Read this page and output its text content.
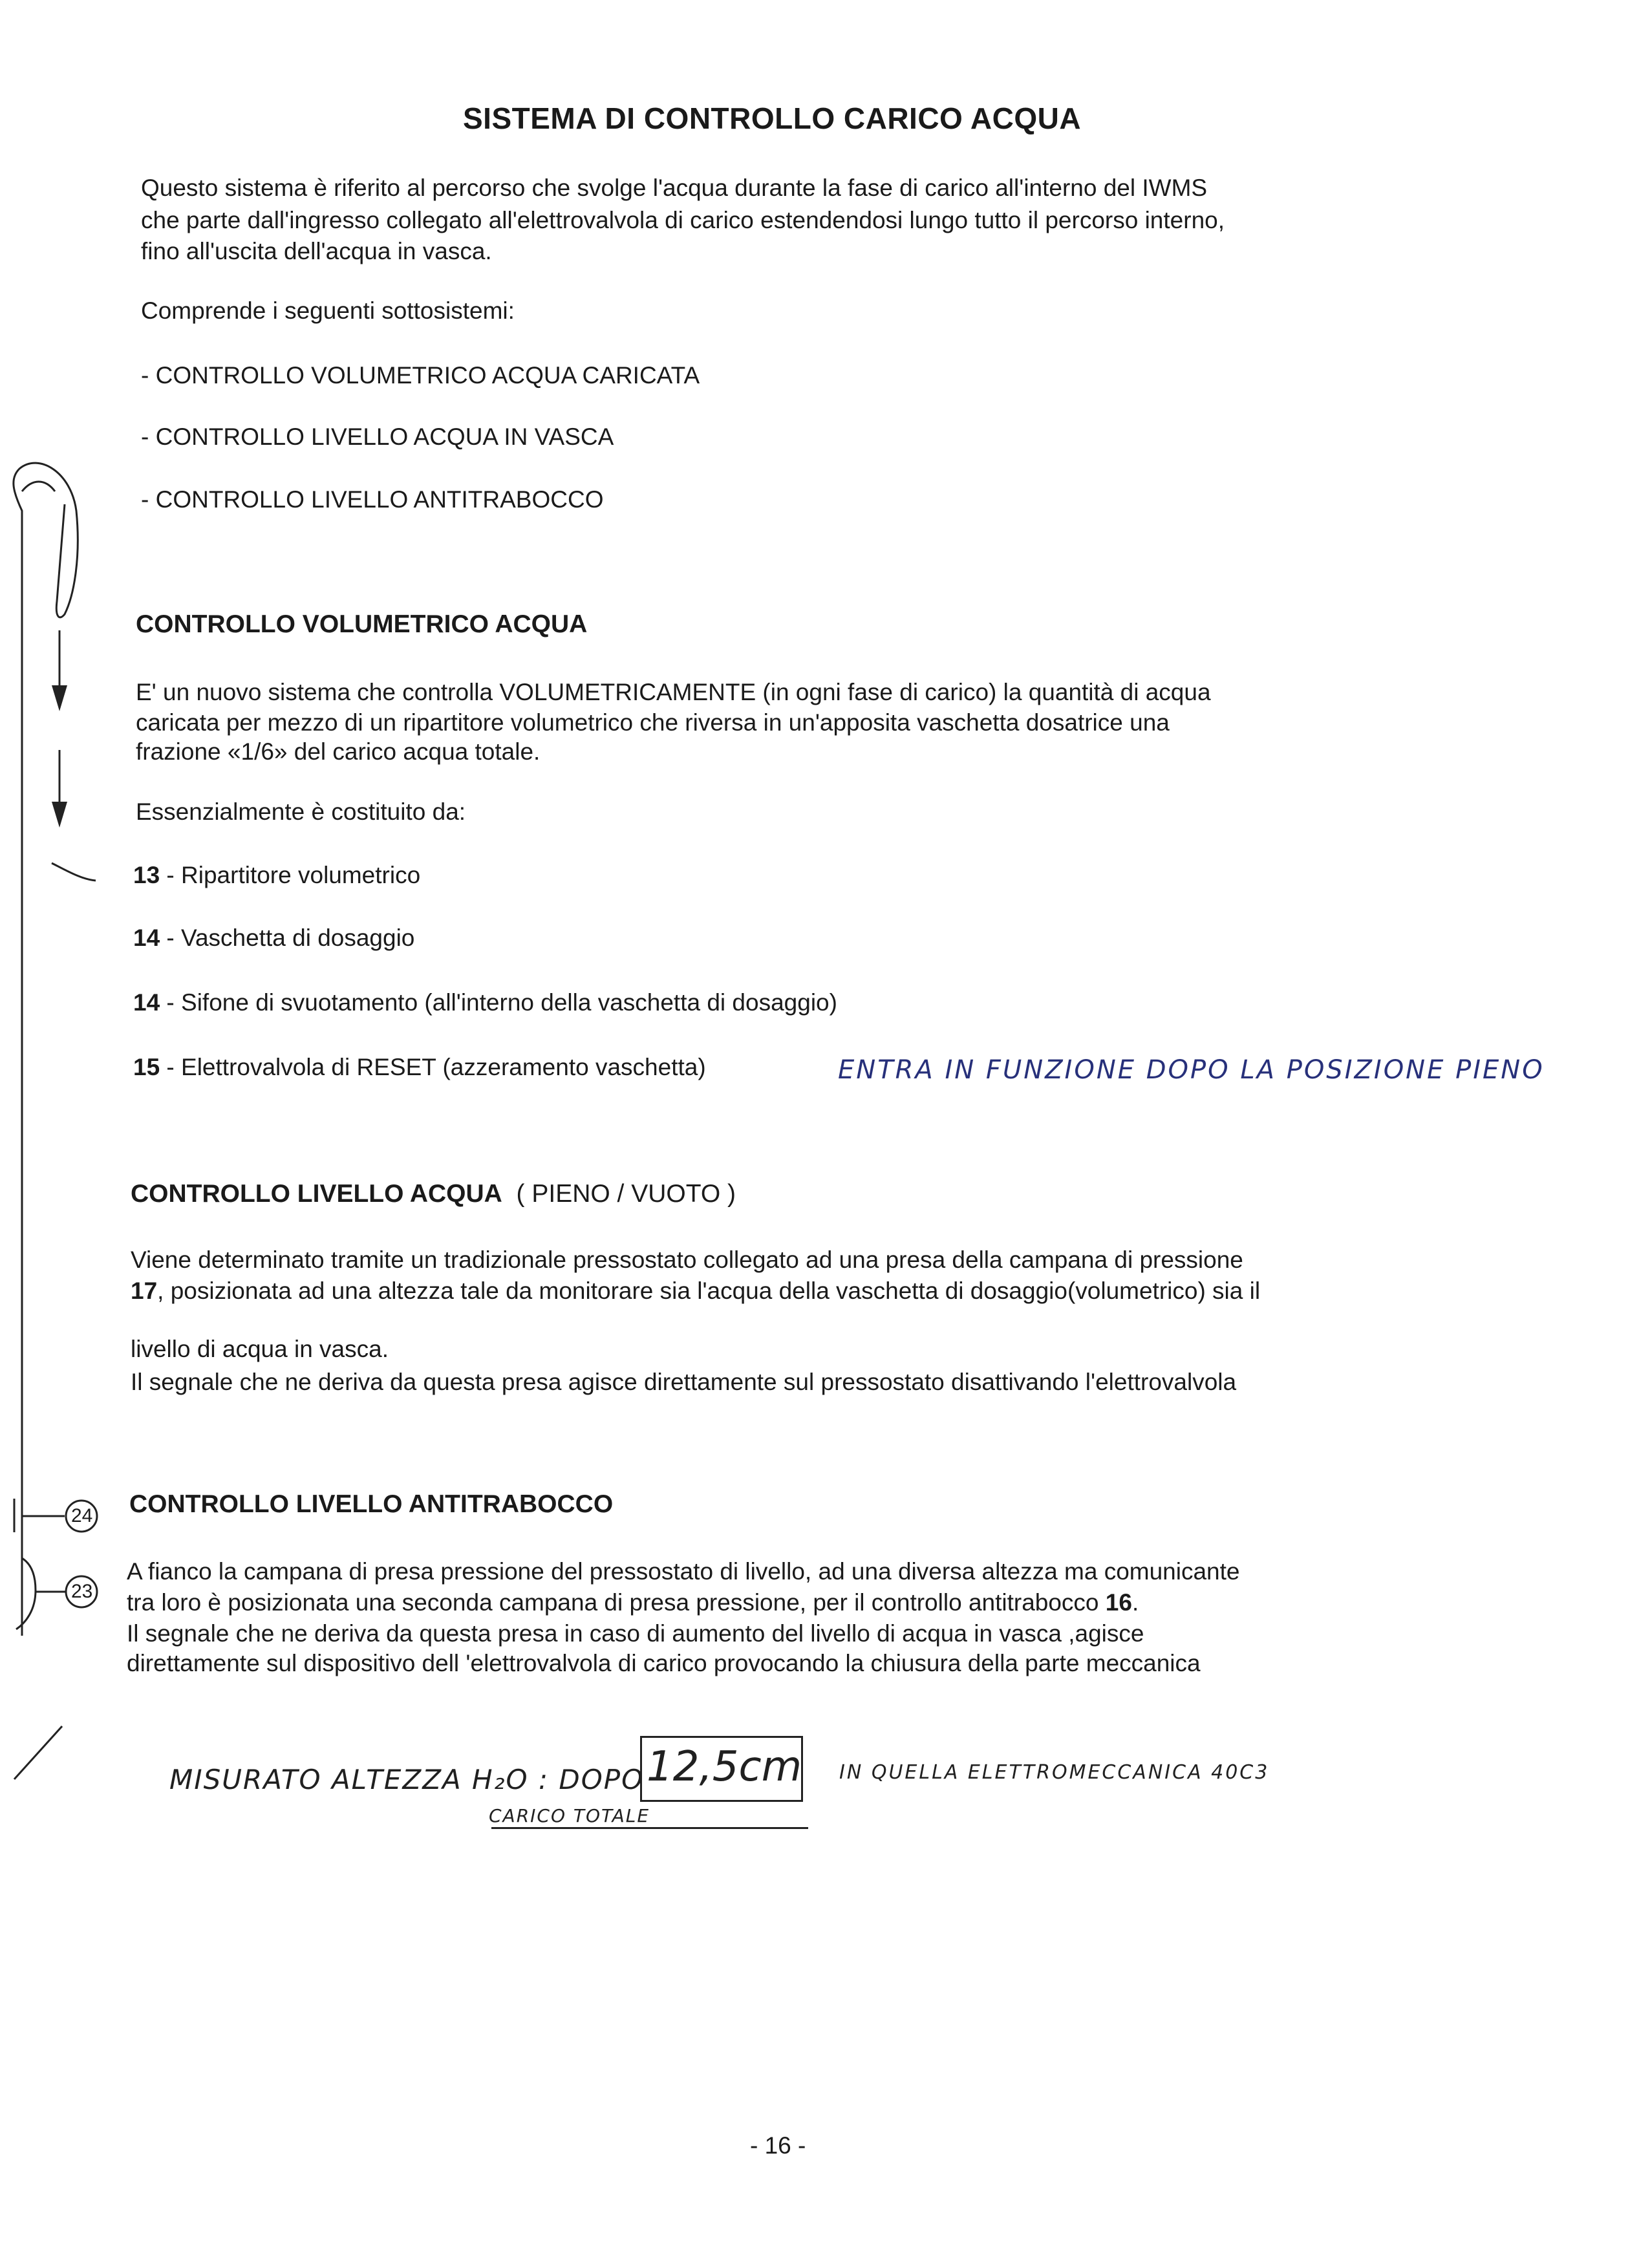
24
23
SISTEMA DI CONTROLLO CARICO ACQUA
Questo sistema è riferito al percorso che svolge l'acqua durante la fase di carico all'interno del IWMS
che parte dall'ingresso collegato all'elettrovalvola di carico estendendosi lungo tutto il percorso interno,
fino all'uscita dell'acqua in vasca.
Comprende i seguenti sottosistemi:
- CONTROLLO VOLUMETRICO ACQUA CARICATA
- CONTROLLO LIVELLO ACQUA IN VASCA
- CONTROLLO LIVELLO ANTITRABOCCO
CONTROLLO VOLUMETRICO ACQUA
E' un nuovo sistema che controlla VOLUMETRICAMENTE (in ogni fase di carico) la quantità di acqua
caricata per mezzo di un ripartitore volumetrico che riversa in un'apposita vaschetta dosatrice una
frazione «1/6» del carico acqua totale.
Essenzialmente è costituito da:
13 - Ripartitore volumetrico
14 - Vaschetta di dosaggio
14 - Sifone di svuotamento (all'interno della vaschetta di dosaggio)
15 - Elettrovalvola di RESET (azzeramento vaschetta)	ENTRA IN FUNZIONE DOPO LA POSIZIONE PIENO
CONTROLLO LIVELLO ACQUA ( PIENO / VUOTO )
Viene determinato tramite un tradizionale pressostato collegato ad una presa della campana di pressione
17, posizionata ad una altezza tale da monitorare sia l'acqua della vaschetta di dosaggio(volumetrico) sia il
livello di acqua in vasca.
Il segnale che ne deriva da questa presa agisce direttamente sul pressostato disattivando l'elettrovalvola
CONTROLLO LIVELLO ANTITRABOCCO
A fianco la campana di presa pressione del pressostato di livello, ad una diversa altezza ma comunicante
tra loro è posizionata una seconda campana di presa pressione, per il controllo antitrabocco 16.
Il segnale che ne deriva da questa presa in caso di aumento del livello di acqua in vasca ,agisce
direttamente sul dispositivo dell 'elettrovalvola di carico provocando la chiusura della parte meccanica
MISURATO ALTEZZA H₂O : DOPO
CARICO TOTALE
12,5cm IN QUELLA ELETTROMECCANICA 40C3
- 16 -
